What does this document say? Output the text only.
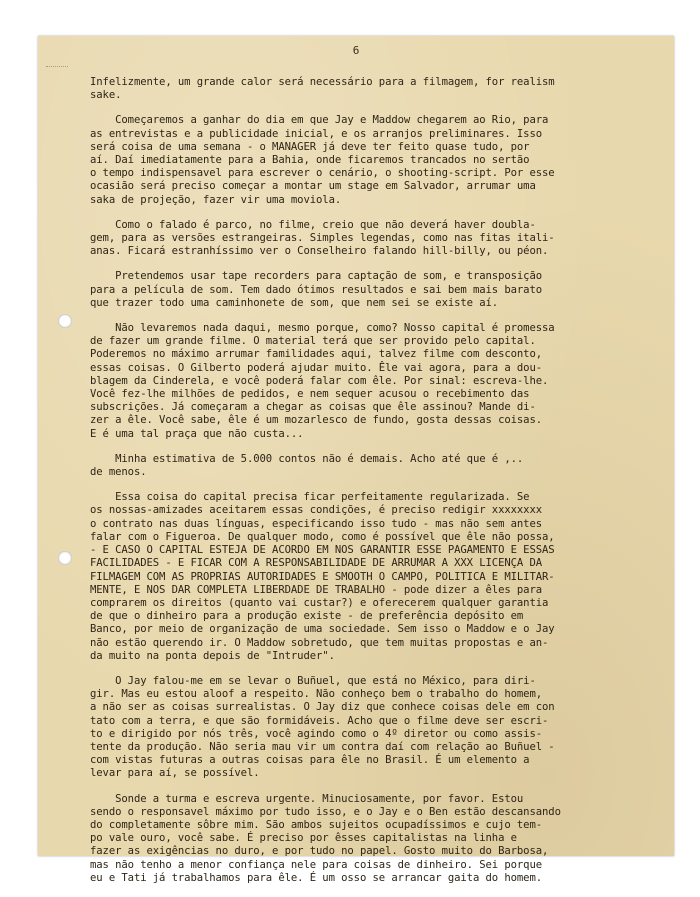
6
Infelizmente, um grande calor será necessário para a filmagem, for realism
sake.
Começaremos a ganhar do dia em que Jay e Maddow chegarem ao Rio, para
as entrevistas e a publicidade inicial, e os arranjos preliminares. Isso
será coisa de uma semana - o MANAGER já deve ter feito quase tudo, por
aí. Daí imediatamente para a Bahia, onde ficaremos trancados no sertão
o tempo indispensavel para escrever o cenário, o shooting-script. Por esse
ocasião será preciso começar a montar um stage em Salvador, arrumar uma
saka de projeção, fazer vir uma moviola.
Como o falado é parco, no filme, creio que não deverá haver doubla-
gem, para as versões estrangeiras. Simples legendas, como nas fitas itali-
anas. Ficará estranhíssimo ver o Conselheiro falando hill-billy, ou péon.
Pretendemos usar tape recorders para captação de som, e transposição
para a película de som. Tem dado ótimos resultados e sai bem mais barato
que trazer todo uma caminhonete de som, que nem sei se existe aí.
Não levaremos nada daqui, mesmo porque, como? Nosso capital é promessa
de fazer um grande filme. O material terá que ser provido pelo capital.
Poderemos no máximo arrumar familidades aqui, talvez filme com desconto,
essas coisas. O Gilberto poderá ajudar muito. Êle vai agora, para a dou-
blagem da Cinderela, e você poderá falar com êle. Por sinal: escreva-lhe.
Você fez-lhe milhões de pedidos, e nem sequer acusou o recebimento das
subscrições. Já começaram a chegar as coisas que êle assinou? Mande di-
zer a êle. Você sabe, êle é um mozarlesco de fundo, gosta dessas coisas.
E é uma tal praça que não custa...
Minha estimativa de 5.000 contos não é demais. Acho até que é ,..
de menos.
Essa coisa do capital precisa ficar perfeitamente regularizada. Se
os nossas-amizades aceitarem essas condições, é preciso redigir xxxxxxxx
o contrato nas duas línguas, especificando isso tudo - mas não sem antes
falar com o Figueroa. De qualquer modo, como é possível que êle não possa,
- E CASO O CAPITAL ESTEJA DE ACORDO EM NOS GARANTIR ESSE PAGAMENTO E ESSAS
FACILIDADES - E FICAR COM A RESPONSABILIDADE DE ARRUMAR A XXX LICENÇA DA
FILMAGEM COM AS PROPRIAS AUTORIDADES E SMOOTH O CAMPO, POLITICA E MILITAR-
MENTE, E NOS DAR COMPLETA LIBERDADE DE TRABALHO - pode dizer a êles para
comprarem os direitos (quanto vai custar?) e oferecerem qualquer garantia
de que o dinheiro para a produção existe - de preferência depósito em
Banco, por meio de organização de uma sociedade. Sem isso o Maddow e o Jay
não estão querendo ir. O Maddow sobretudo, que tem muitas propostas e an-
da muito na ponta depois de "Intruder".
O Jay falou-me em se levar o Buñuel, que está no México, para diri-
gir. Mas eu estou aloof a respeito. Não conheço bem o trabalho do homem,
a não ser as coisas surrealistas. O Jay diz que conhece coisas dele em con
tato com a terra, e que são formidáveis. Acho que o filme deve ser escri-
to e dirigido por nós três, você agindo como o 4º diretor ou como assis-
tente da produção. Não seria mau vir um contra daí com relação ao Buñuel -
com vistas futuras a outras coisas para êle no Brasil. É um elemento a
levar para aí, se possível.
Sonde a turma e escreva urgente. Minuciosamente, por favor. Estou
sendo o responsavel máximo por tudo isso, e o Jay e o Ben estão descansando
do completamente sôbre mim. São ambos sujeitos ocupadíssimos e cujo tem-
po vale ouro, você sabe. É preciso por êsses capitalistas na linha e
fazer as exigências no duro, e por tudo no papel. Gosto muito do Barbosa,
mas não tenho a menor confiança nele para coisas de dinheiro. Sei porque
eu e Tati já trabalhamos para êle. É um osso se arrancar gaita do homem.
